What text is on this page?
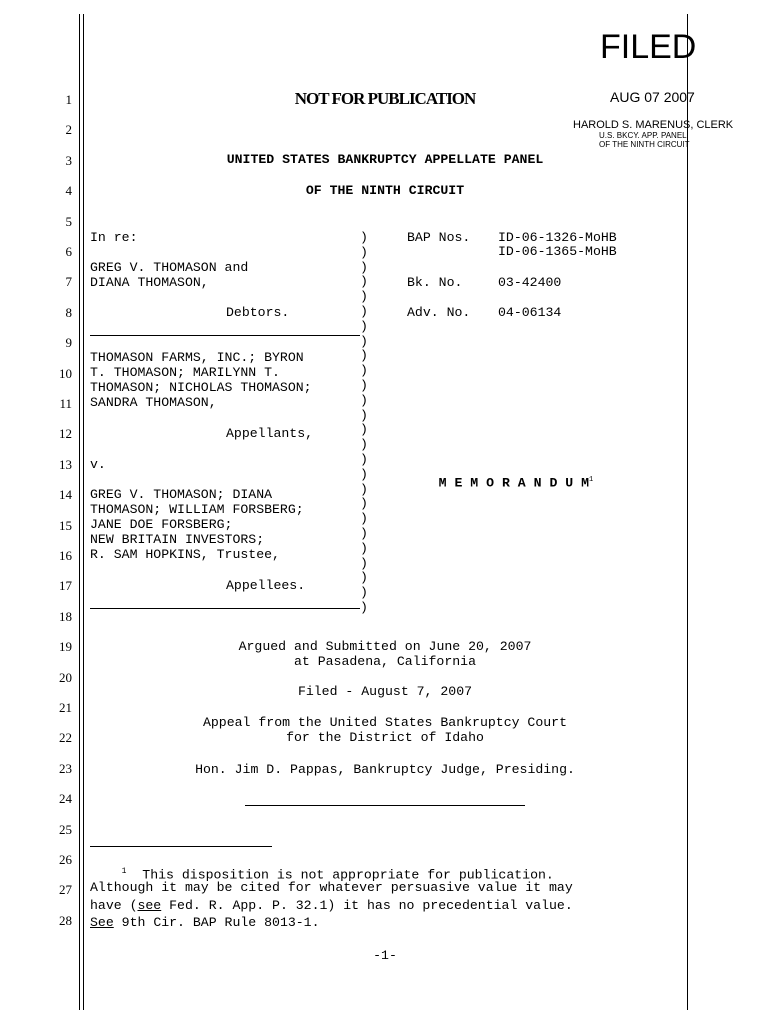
FILED
AUG 07 2007
HAROLD S. MARENUS, CLERK
U.S. BKCY. APP. PANEL
OF THE NINTH CIRCUIT
1
2
3
4
5
6
7
8
9
10
11
12
13
14
15
16
17
18
19
20
21
22
23
24
25
26
27
28
NOT FOR PUBLICATION
UNITED STATES BANKRUPTCY APPELLATE PANEL
OF THE NINTH CIRCUIT
In re:
GREG V. THOMASON and
DIANA THOMASON,
Debtors.
THOMASON FARMS, INC.; BYRON
T. THOMASON; MARILYNN T.
THOMASON; NICHOLAS THOMASON;
SANDRA THOMASON,
Appellants,
v.
GREG V. THOMASON; DIANA
THOMASON; WILLIAM FORSBERG;
JANE DOE FORSBERG;
NEW BRITAIN INVESTORS;
R. SAM HOPKINS, Trustee,
Appellees.
)
)
)
)
)
)
)
)
)
)
)
)
)
)
)
)
)
)
)
)
)
)
)
)
)
)
BAP Nos. ID-06-1326-MoHB
ID-06-1365-MoHB
Bk. No.	03-42400
Adv. No. 04-06134

M E M O R A N D U $M^1$

Argued and Submitted on June 20, 2007
at Pasadena, California
Filed - August 7, 2007
Appeal from the United States Bankruptcy Court
for the District of Idaho
Hon. Jim D. Pappas, Bankruptcy Judge, Presiding.
$^1$ This disposition is not appropriate for publication.
Although it may be cited for whatever persuasive value it may
have (see Fed. R. App. P. 32.1) it has no precedential value.
See 9th Cir. BAP Rule 8013-1.
-1-
